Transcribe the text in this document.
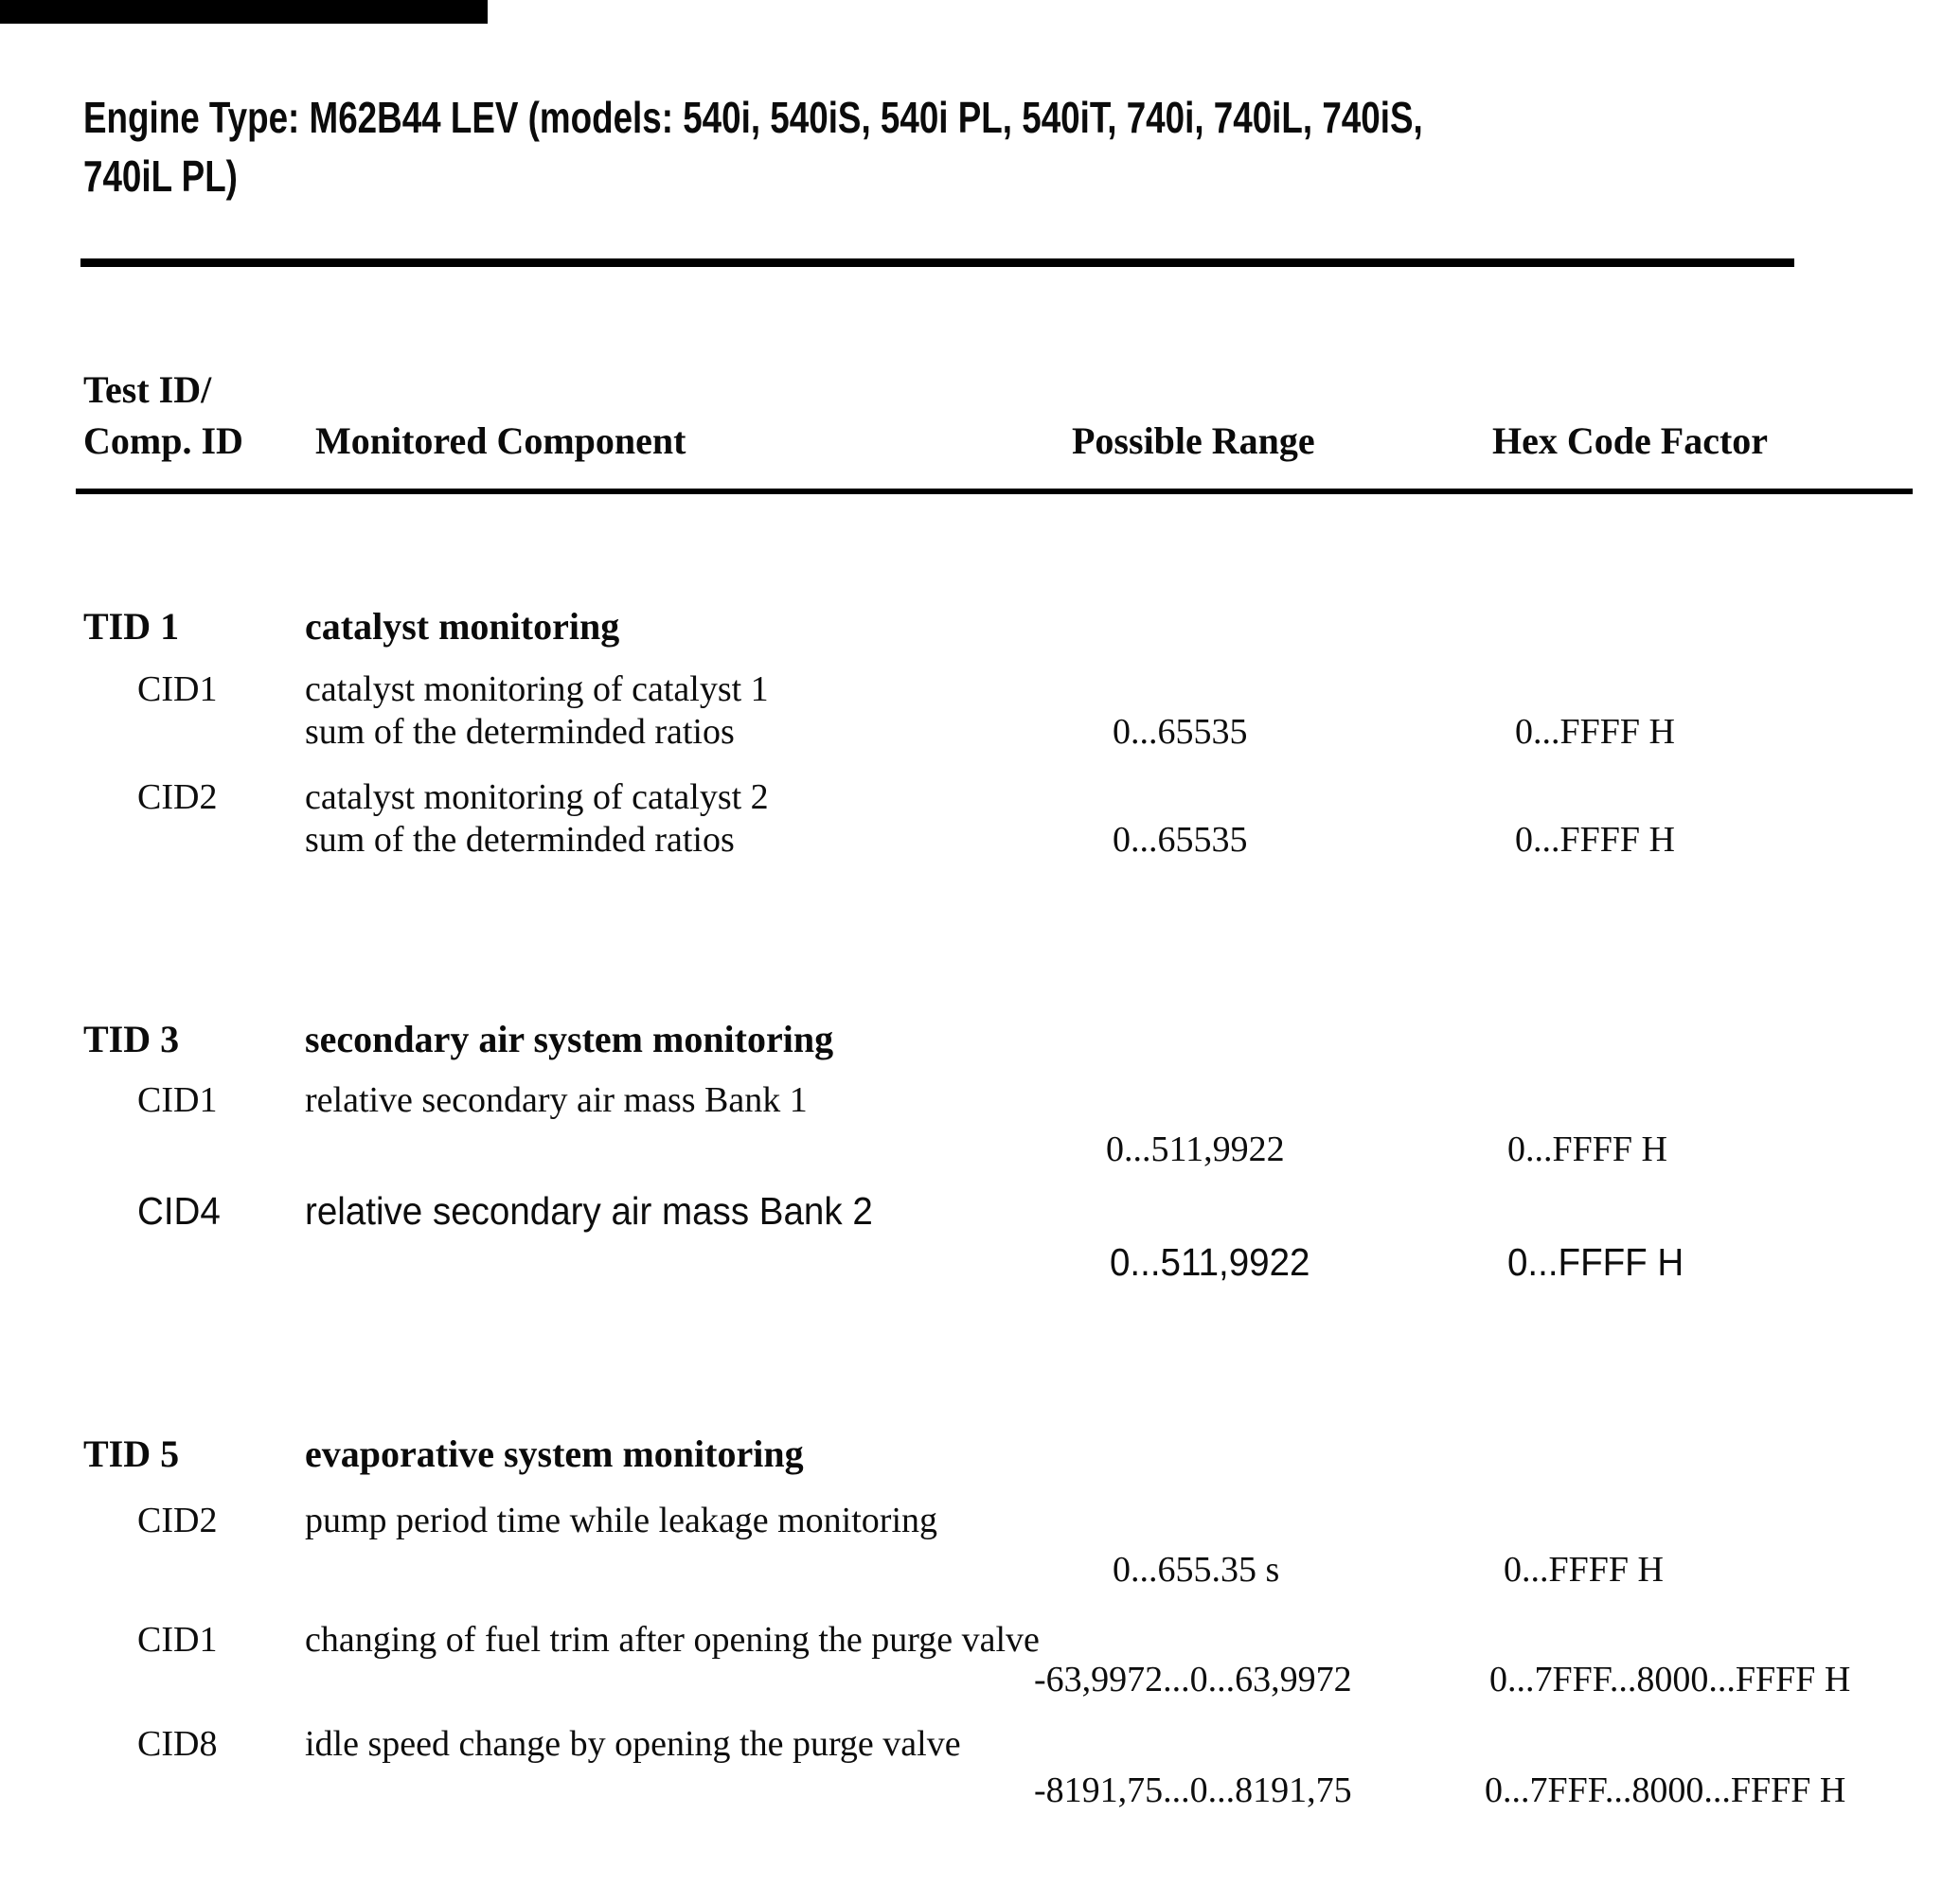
Engine Type: M62B44 LEV (models: 540i, 540iS, 540i PL, 540iT, 740i, 740iL, 740iS,
740iL PL)
Test ID/
Comp. ID Monitored Component	Possible Range	Hex Code Factor
TID 1	catalyst monitoring
CID1 catalyst monitoring of catalyst 1
sum of the determinded ratios	0...65535	0...FFFF H
CID2 catalyst monitoring of catalyst 2
sum of the determinded ratios	0...65535	0...FFFF H
TID 3	secondary air system monitoring
CID1 relative secondary air mass Bank 1
0...511,9922	0...FFFF H
CID4 relative secondary air mass Bank 2
0...511,9922	0...FFFF H
TID 5	evaporative system monitoring
CID2 pump period time while leakage monitoring
0...655.35 s	0...FFFF H
CID1 changing of fuel trim after opening the purge valve
-63,9972...0...63,9972	0...7FFF...8000...FFFF H
CID8 idle speed change by opening the purge valve
-8191,75...0...8191,75	0...7FFF...8000...FFFF H
